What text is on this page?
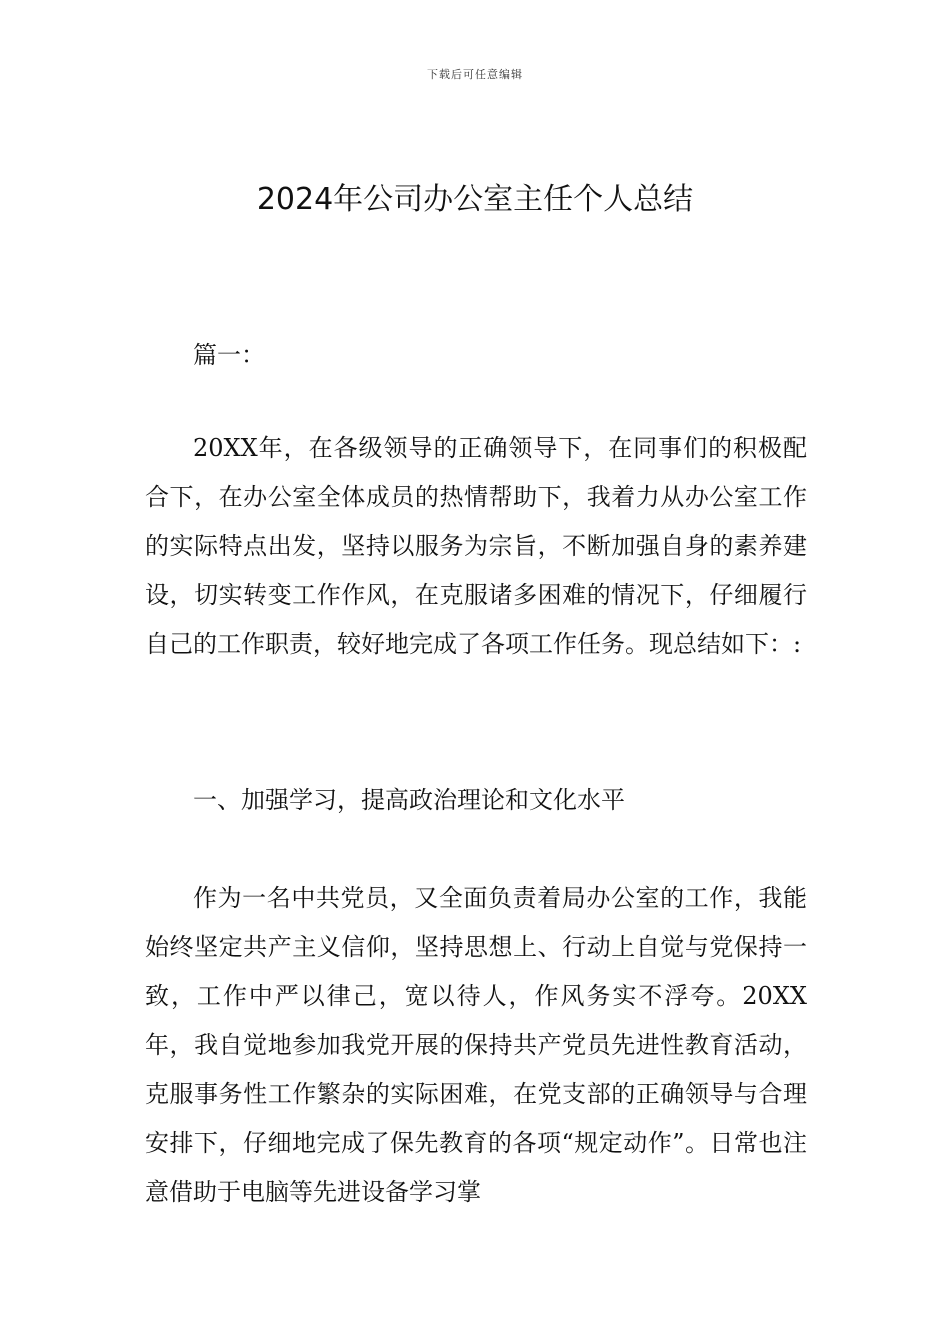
下载后可任意编辑
2024年公司办公室主任个人总结

篇一：

20XX年，在各级领导的正确领导下，在同事们的积极配合下，在办公室全体成员的热情帮助下，我着力从办公室工作的实际特点出发，坚持以服务为宗旨，不断加强自身的素养建设，切实转变工作作风，在克服诸多困难的情况下，仔细履行自己的工作职责，较好地完成了各项工作任务。现总结如下：:

一、加强学习，提高政治理论和文化水平

作为一名中共党员，又全面负责着局办公室的工作，我能始终坚定共产主义信仰，坚持思想上、行动上自觉与党保持一致，工作中严以律己，宽以待人，作风务实不浮夸。20XX年，我自觉地参加我党开展的保持共产党员先进性教育活动，克服事务性工作繁杂的实际困难，在党支部的正确领导与合理安排下，仔细地完成了保先教育的各项“规定动作”。日常也注意借助于电脑等先进设备学习掌
